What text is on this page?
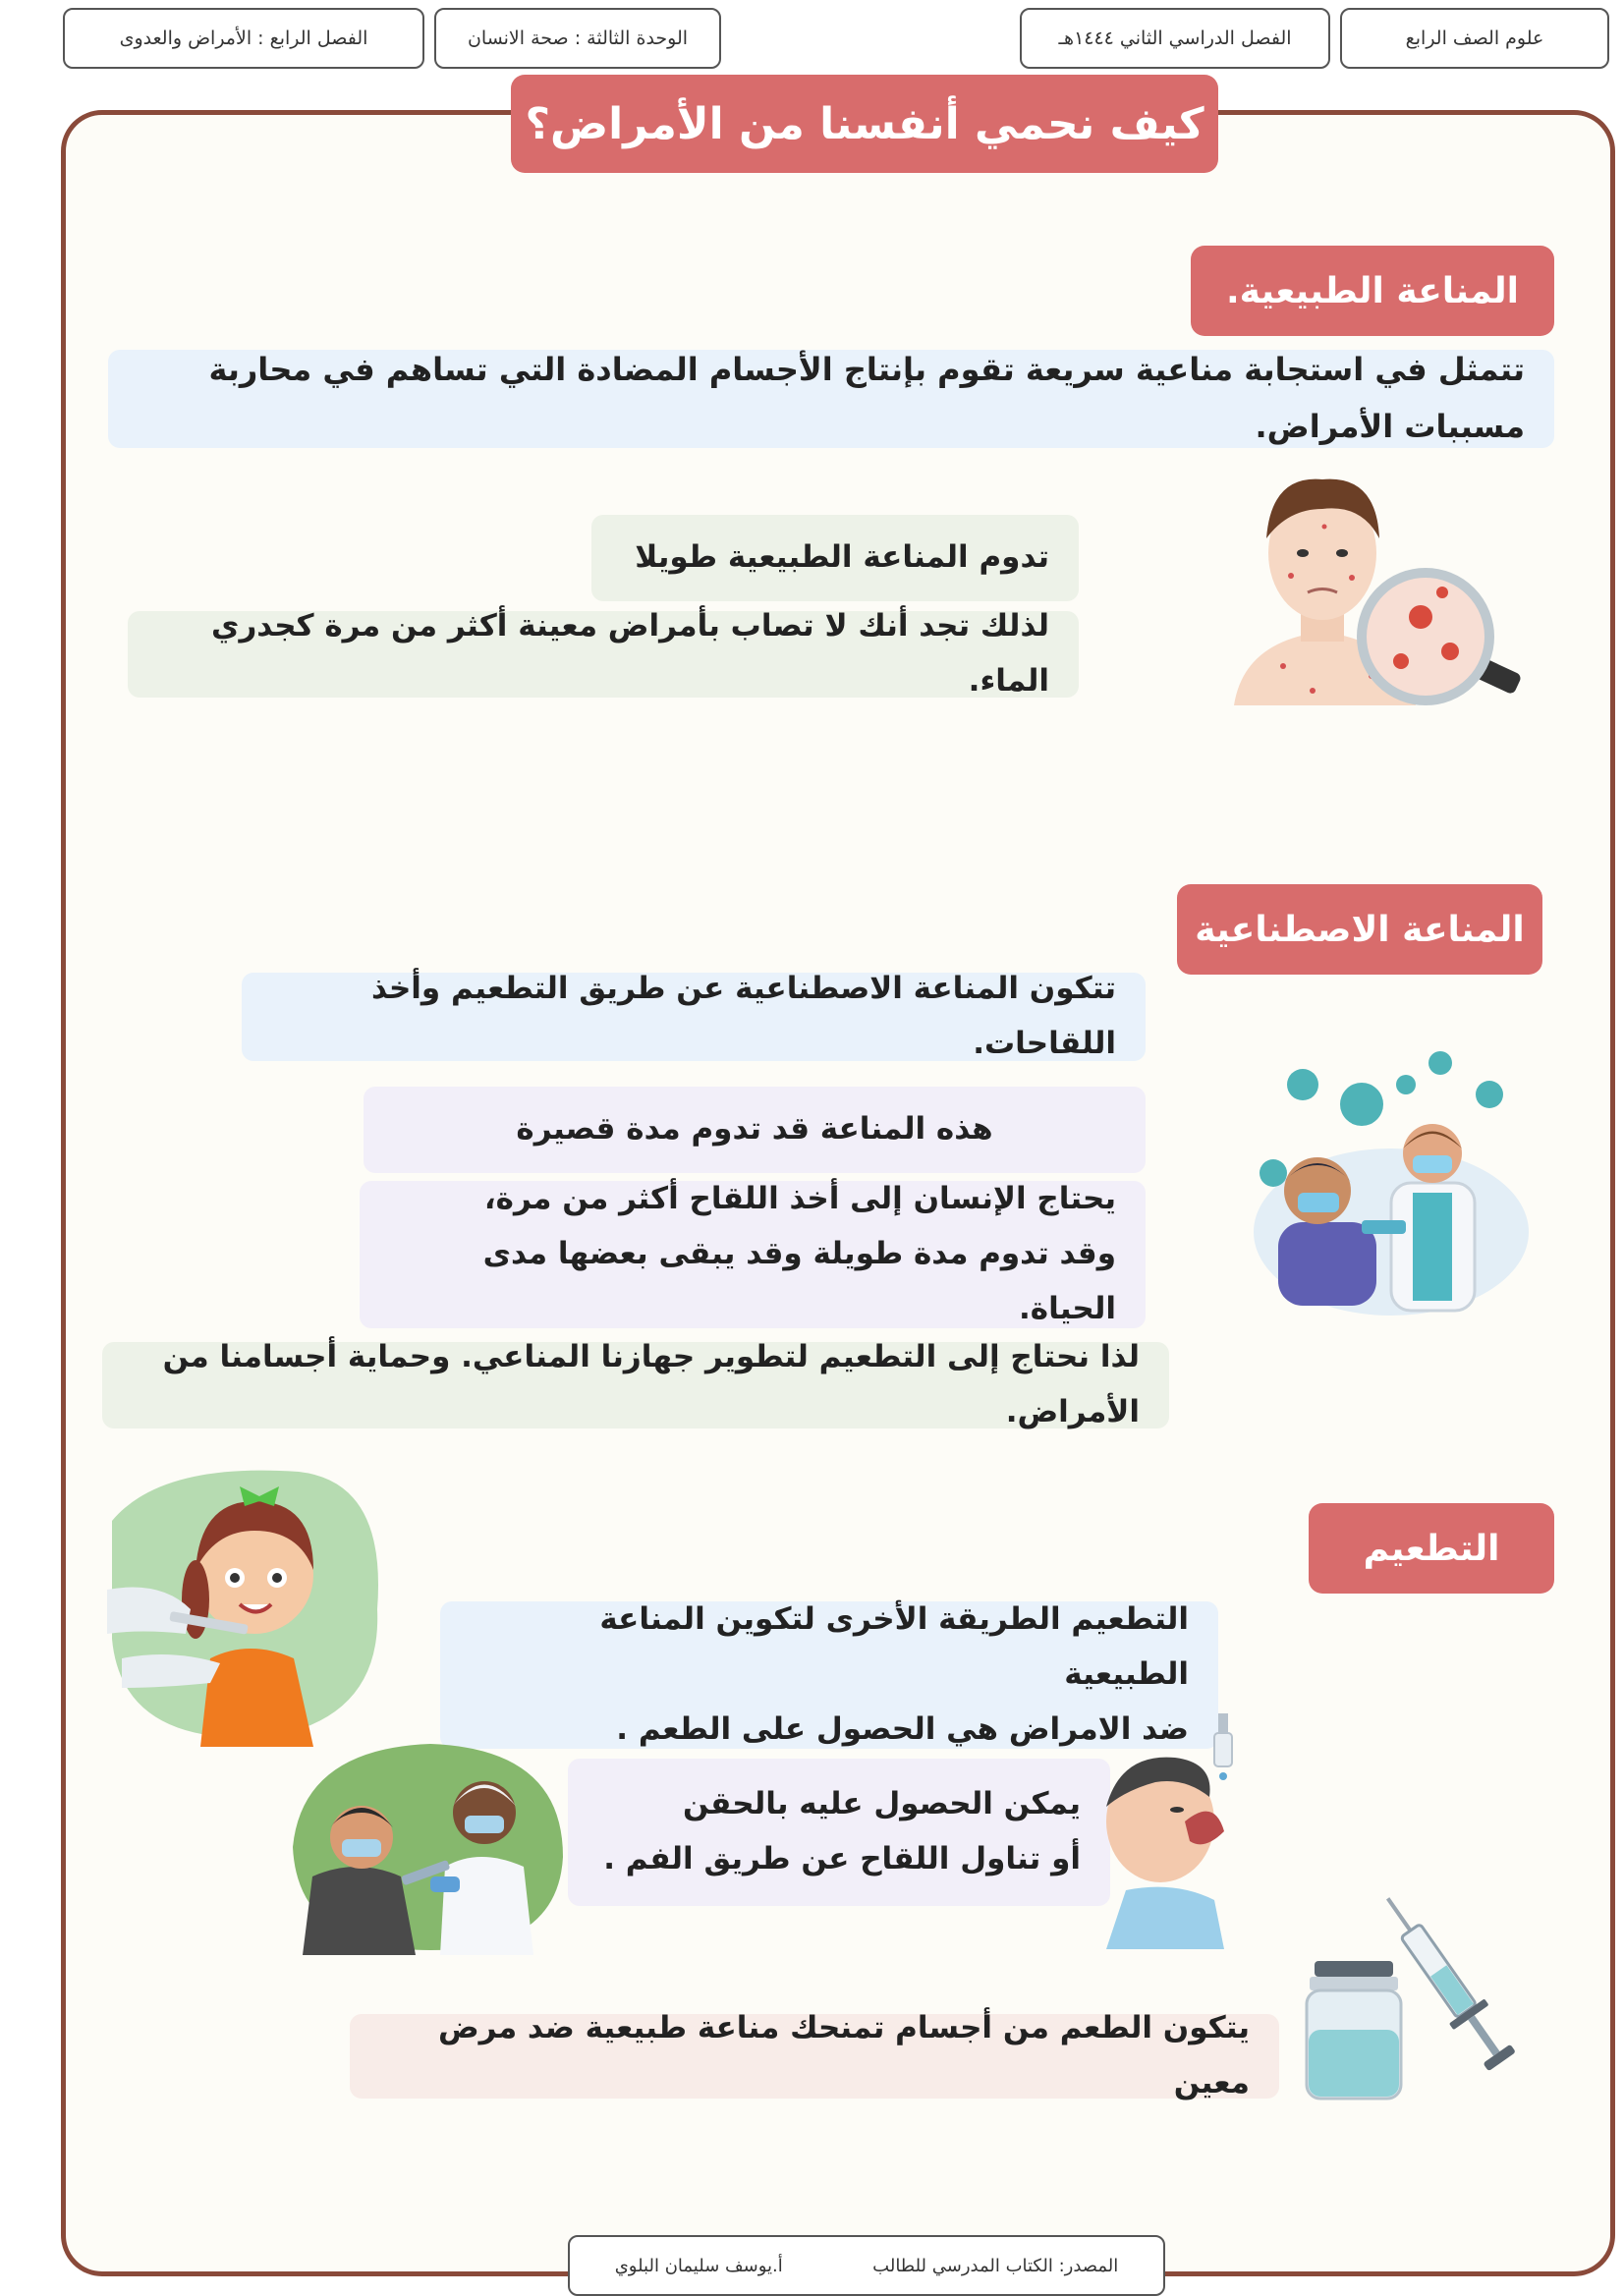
علوم الصف الرابع
الفصل الدراسي الثاني ١٤٤٤هـ
الوحدة الثالثة : صحة الانسان
الفصل الرابع : الأمراض والعدوى
كيف نحمي أنفسنا من الأمراض؟
المناعة الطبيعية.
تتمثل في استجابة مناعية سريعة تقوم بإنتاج الأجسام المضادة التي تساهم في محاربة مسببات الأمراض.
تدوم المناعة الطبيعية طويلا
لذلك تجد أنك لا تصاب بأمراض معينة أكثر من مرة كجدري الماء.
المناعة الاصطناعية
تتكون المناعة الاصطناعية عن طريق التطعيم وأخذ اللقاحات.
هذه المناعة قد تدوم مدة قصيرة
يحتاج الإنسان إلى أخذ اللقاح أكثر من مرة،
وقد تدوم مدة طويلة وقد يبقى بعضها مدى الحياة.
لذا نحتاج إلى التطعيم لتطوير جهازنا المناعي. وحماية أجسامنا من الأمراض.
التطعيم
التطعيم الطريقة الأخرى لتكوين المناعة الطبيعية
ضد الامراض هي الحصول على الطعم .
يمكن الحصول عليه بالحقن
أو تناول اللقاح عن طريق الفم .
يتكون الطعم من أجسام تمنحك مناعة طبيعية ضد مرض معين
المصدر: الكتاب المدرسي للطالب
أ.يوسف سليمان البلوي
